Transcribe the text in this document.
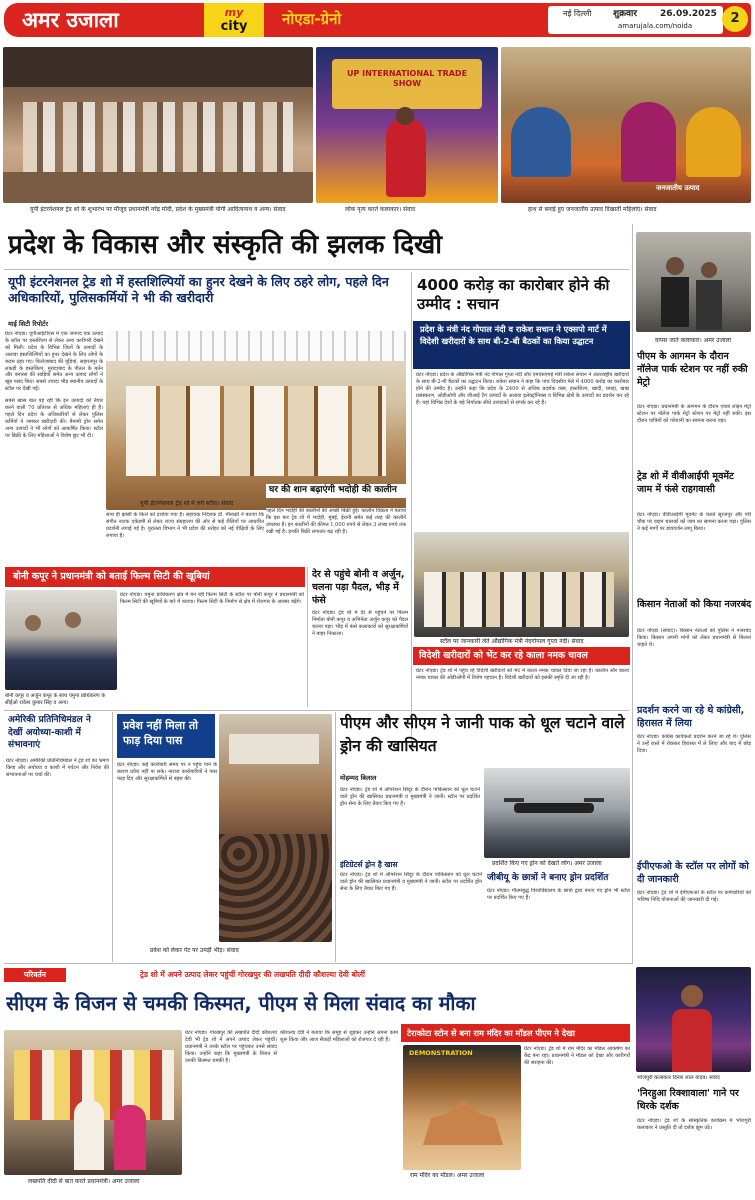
अमर उजाला	my
city	नोएडा-ग्रेनो	नई दिल्ली	शुक्रवार	26.09.2025
amarujala.com/noida	2
UP INTERNATIONAL TRADE SHOW
जनजातीय उत्पाद
यूपी इंटरनेशनल ट्रेड शो के शुभारंभ पर मौजूद प्रधानमंत्री नरेंद्र मोदी, प्रदेश के मुख्यमंत्री योगी आदित्यनाथ व अन्य। संवाद	लोक नृत्य करते कलाकार। संवाद	हाथ से बनाई हुए जनजातीय उत्पाद दिखातीं महिलाएं। संवाद
प्रदेश के विकास और संस्कृति की झलक दिखी
यूपी इंटरनेशनल ट्रेड शो में हस्तशिल्पियों का हुनर देखने के लिए ठहरे लोग, पहले दिन अधिकारियों, पुलिसकर्मियों ने भी की खरीदारी
माई सिटी रिपोर्टर
ग्रेटर नोएडा। यूपीआईटीएस में एक जनपद एक उत्पाद के स्टॉल पर हस्तशिल्प से लेकर अन्य कारीगरी देखने को मिली। प्रदेश के विभिन्न जिलों के उत्पादों के अलावा हस्तशिल्पियों का हुनर देखने के लिए लोगों के कदम ठहर गए। फिरोजाबाद की चूड़ियां, सहारनपुर के लकड़ी के हस्तशिल्प, मुरादाबाद के पीतल के बर्तन और बनारस की साड़ियों समेत अन्य उत्पाद लोगों ने खूब पसंद किए। सबसे ज्यादा भीड़ स्थानीय उत्पादों के स्टॉल पर देखी गई।
सबसे ख़ास बात यह रही कि इन उत्पादों को तैयार करने वाली 70 प्रतिशत से अधिक महिलाएं ही हैं। पहले दिन प्रदेश के अधिकारियों से लेकर पुलिस कर्मियों ने जमकर खरीदारी की। बैनामी ड्रोन समेत अन्य उत्पादों ने भी लोगों को आकर्षित किया। स्टॉल पर ब्रिक्री के लिए महिलाओं ने विशेष छूट भी दी।
यूपी इंटरनेशनल ट्रेड शो में लगे स्टॉल। संवाद
घर की शान बढ़ाएंगी भदोही की कालीन
पहले दिन भदोही की कालीनों की अच्छी बिक्री हुई। कालीन विक्रेता ने बताया कि इस बार ट्रेड शो में भदोही, मुंबई, ईरानी समेत कई तरह की कालीनें उपलब्ध हैं। इन कालीनों की कीमत 1,000 रुपये से लेकर 3 लाख रुपये तक रखी गई है। इनकी बिक्री लगातार बढ़ रही है।
साथ ही झांसी के किले को दर्शाया गया है। सहायक निदेशक डॉ. मीनाक्षी ने बताया कि संगीत नाटक एकेडमी से लेकर राज्य संग्रहालय की ओर से कई शैलियों पर आधारित प्रदर्शनी लगाई गई है। पुरातत्व विभाग ने भी प्रदेश की धरोहर को नई पीढ़ियों के लिए लगाया है।
4000 करोड़ का कारोबार होने की उम्मीद : सचान
प्रदेश के मंत्री नंद गोपाल नंदी व राकेश सचान ने एक्सपो मार्ट में विदेशी खरीदारों के साथ बी-2-बी बैठकों का किया उद्घाटन
ग्रेटर नोएडा। प्रदेश के औद्योगिक मंत्री नंद गोपाल गुप्ता नंदी और एमएसएमई मंत्री राकेश सचान ने अंतरराष्ट्रीय खरीदारों के साथ बी-2-बी बैठकों का उद्घाटन किया। राकेश सचान ने कहा कि पांच दिवसीय मेले में 4000 करोड़ का कारोबार होने की उम्मीद है। उन्होंने कहा कि प्रदेश के 2400 से अधिक प्रदर्शक वस्त्र, हस्तशिल्प, खादी, चमड़ा, खाद्य प्रसंस्करण, ओडीओपी और जीआई टैग उत्पादों के अलावा इलेक्ट्रॉनिक्स व विभिन्न क्षेत्रों के उत्पादों का प्रदर्शन कर रहे हैं। यहां विभिन्न देशों के बड़े निर्यातक सीधे उत्पादकों से संपर्क कर रहे हैं।
स्टॉल पर जानकारी लेते औद्योगिक मंत्री नंदगोपाल गुप्ता नंदी। संवाद
विदेशी खरीदारों को भेंट कर रहे काला नमक चावल
ग्रेटर नोएडा। ट्रेड शो में पहुंच रहे विदेशी खरीदारों को भेंट में काला नमक चावल दिया जा रहा है। कालीन और काला नमक चावल की ओडीओपी में विशेष पहचान है। विदेशी खरीदारों को इसकी स्मृति दी जा रही है।
बोनी कपूर ने प्रधानमंत्री को बताईं फिल्म सिटी की खूबियां
बोनी कपूर व अर्जुन कपूर के साथ यमुना प्राधिकरण के सीईओ राकेश कुमार सिंह व अन्य।
ग्रेटर नोएडा। यमुना प्राधिकरण क्षेत्र में बन रही फिल्म सिटी के स्टॉल पर बोनी कपूर ने प्रधानमंत्री को फिल्म सिटी की खूबियों के बारे में बताया। फिल्म सिटी के निर्माण से क्षेत्र में रोजगार के अवसर बढ़ेंगे।
देर से पहुंचे बोनी व अर्जुन, चलना पड़ा पैदल, भीड़ में फंसे
ग्रेटर नोएडा। ट्रेड शो में देर से पहुंचने पर फिल्म निर्माता बोनी कपूर व अभिनेता अर्जुन कपूर को पैदल चलना पड़ा। भीड़ में फंसे कलाकारों को सुरक्षाकर्मियों ने बाहर निकाला।
अमेरिकी प्रतिनिधिमंडल ने देखीं अयोध्या-काशी में संभावनाएं
ग्रेटर नोएडा। अमेरिकी प्रतिनिधिमंडल ने ट्रेड शो का भ्रमण किया और अयोध्या व काशी में पर्यटन और निवेश की संभावनाओं पर चर्चा की।
प्रवेश नहीं मिला तो फाड़ दिया पास
ग्रेटर नोएडा। कई कारोबारी समय पर न पहुंच पाने के कारण प्रवेश नहीं पा सके। नाराज कारोबारियों ने पास फाड़ दिए और सुरक्षाकर्मियों से बहस की।
प्रवेश को लेकर गेट पर उमड़ी भीड़। संवाद
पीएम और सीएम ने जानी पाक को धूल चटाने वाले ड्रोन की खासियत
मोहम्मद बिलाल
ग्रेटर नोएडा। ट्रेड शो में ऑपरेशन सिंदूर के दौरान पाकिस्तान को धूल चटाने वाले ड्रोन की खासियत प्रधानमंत्री व मुख्यमंत्री ने जानी। स्टॉल पर प्रदर्शित ड्रोन सेना के लिए तैयार किए गए हैं।
इंटिग्रेटर्स ड्रोन है खास	प्रदर्शित किए गए ड्रोन को देखते लोग। अमर उजाला
जीबीयू के छात्रों ने बनाए ड्रोन प्रदर्शित
ग्रेटर नोएडा। गौतमबुद्ध विश्वविद्यालय के छात्रों द्वारा बनाए गए ड्रोन भी स्टॉल पर प्रदर्शित किए गए हैं।
ग्रेटर नोएडा। ट्रेड शो में ऑपरेशन सिंदूर के दौरान पाकिस्तान को धूल चटाने वाले ड्रोन की खासियत प्रधानमंत्री व मुख्यमंत्री ने जानी। स्टॉल पर प्रदर्शित ड्रोन सेना के लिए तैयार किए गए हैं।
वापस जाते कलाकार। अमर उजाला
पीएम के आगमन के दौरान नॉलेज पार्क स्टेशन पर नहीं रुकी मेट्रो
ग्रेटर नोएडा। प्रधानमंत्री के आगमन के दौरान एक्वा लाइन मेट्रो स्टेशन पर नॉलेज पार्क मेट्रो स्टेशन पर मेट्रो नहीं रुकी। इस दौरान यात्रियों को परेशानी का सामना करना पड़ा।
ट्रेड शो में वीवीआईपी मूवमेंट जाम में फंसे राहगवासी
ग्रेटर नोएडा। वीवीआईपी मूवमेंट के चलते सूरजपुर और परी चौक पर वाहन चालकों को जाम का सामना करना पड़ा। पुलिस ने कई मार्गों पर डायवर्जन लागू किया।
किसान नेताओं को किया नजरबंद
ग्रेटर नोएडा (संवाद)। किसान नेताओं को पुलिस ने नजरबंद किया। किसान अपनी मांगों को लेकर प्रधानमंत्री से मिलना चाहते थे।
प्रदर्शन करने जा रहे थे कांग्रेसी, हिरासत में लिया
ग्रेटर नोएडा। कांग्रेस कार्यकर्ता प्रदर्शन करने जा रहे थे। पुलिस ने उन्हें रास्ते में रोककर हिरासत में ले लिया और बाद में छोड़ दिया।
ईपीएफओ के स्टॉल पर लोगों को दी जानकारी
ग्रेटर नोएडा। ट्रेड शो में ईपीएफओ के स्टॉल पर कर्मचारियों को भविष्य निधि योजनाओं की जानकारी दी गई।
भोजपुरी कलाकार दिनेश लाल यादव। संवाद
'निरहुआ रिक्शावाला' गाने पर थिरके दर्शक
ग्रेटर नोएडा। ट्रेड शो के सांस्कृतिक कार्यक्रम में भोजपुरी कलाकार ने प्रस्तुति दी तो दर्शक झूम उठे।
परिवर्तन	ट्रेड शो में अपने उत्पाद लेकर पहुंचीं गोरखपुर की लखपति दीदी कौशल्या देवी बोलीं
सीएम के विजन से चमकी किस्मत, पीएम से मिला संवाद का मौका
लखपति दीदी से बात करते प्रधानमंत्री। अमर उजाला
ग्रेटर नोएडा। गोरखपुर की लखपति दीदी कौशल्या देवी भी ट्रेड शो में अपने उत्पाद लेकर पहुंचीं। प्रधानमंत्री ने उनके स्टॉल पर पहुंचकर उनसे संवाद किया। उन्होंने कहा कि मुख्यमंत्री के विजन से उनकी किस्मत चमकी है।
कौशल्या देवी ने बताया कि समूह से जुड़कर उन्होंने अपना काम शुरू किया और आज सैकड़ों महिलाओं को रोजगार दे रही हैं।
टेराकोटा स्टोन से बना राम मंदिर का मॉडल पीएम ने देखा
DEMONSTRATION
राम मंदिर का मॉडल। अमर उजाला
ग्रेटर नोएडा। ट्रेड शो में राम मंदिर का मॉडल आकर्षण का केंद्र बना रहा। प्रधानमंत्री ने मॉडल को देखा और कारीगरों की सराहना की।
